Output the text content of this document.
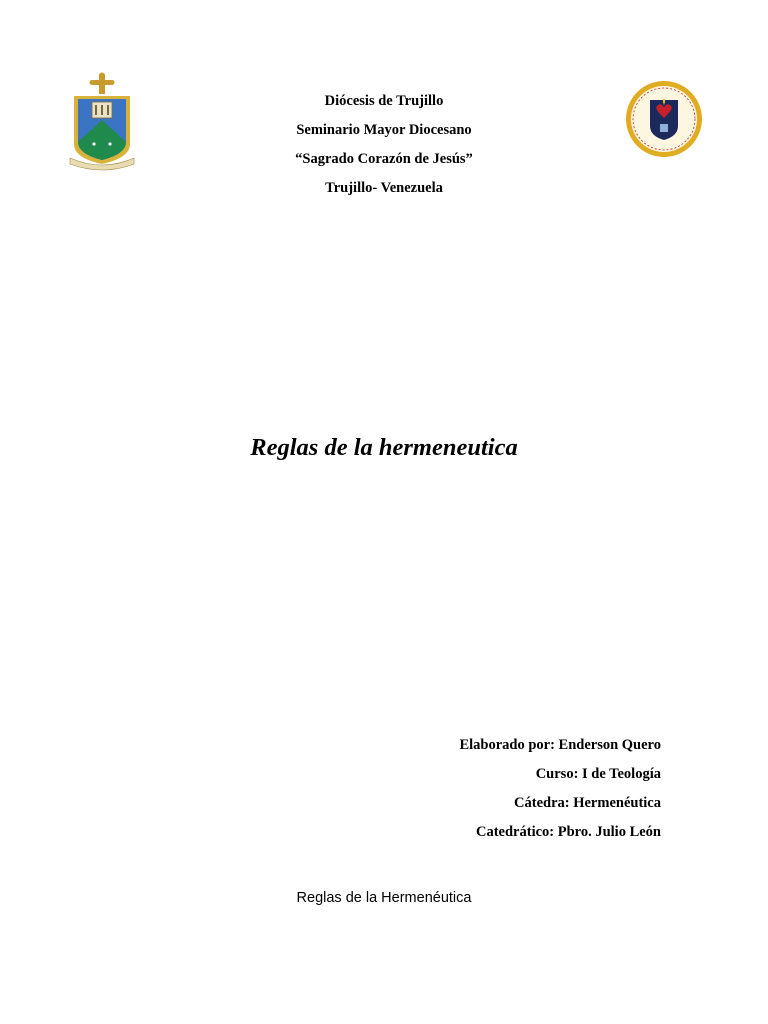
Diócesis de Trujillo
Seminario Mayor Diocesano
“Sagrado Corazón de Jesús”
Trujillo- Venezuela
Reglas de la hermeneutica
Elaborado por: Enderson Quero
Curso: I de Teología
Cátedra: Hermenéutica
Catedrático: Pbro. Julio León
Reglas de la Hermenéutica
